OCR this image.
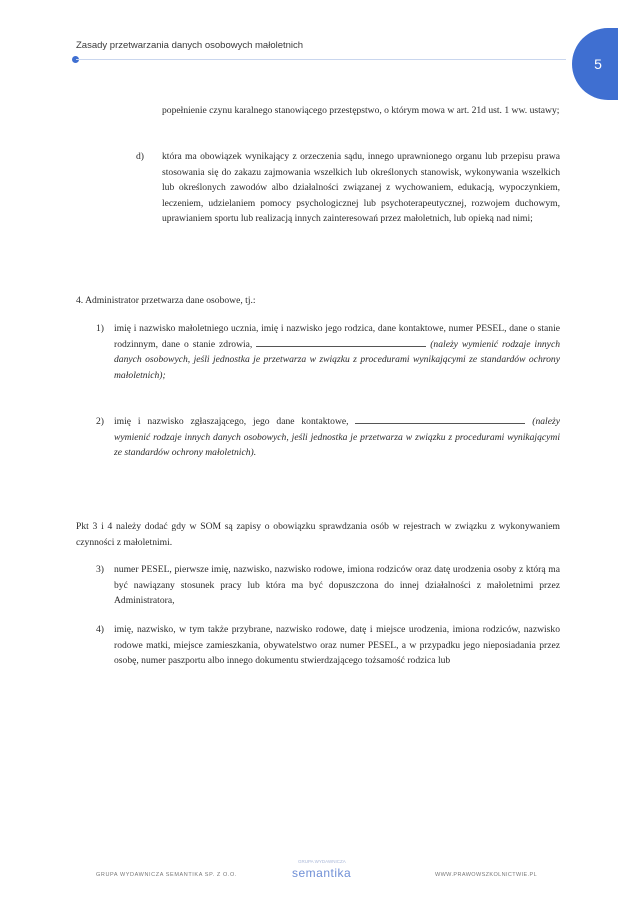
Zasady przetwarzania danych osobowych małoletnich
5
popełnienie czynu karalnego stanowiącego przestępstwo, o którym mowa w art. 21d ust. 1 ww. ustawy;
d) która ma obowiązek wynikający z orzeczenia sądu, innego uprawnionego organu lub przepisu prawa stosowania się do zakazu zajmowania wszelkich lub określonych stanowisk, wykonywania wszelkich lub określonych zawodów albo działalności związanej z wychowaniem, edukacją, wypoczynkiem, leczeniem, udzielaniem pomocy psychologicznej lub psychoterapeutycznej, rozwojem duchowym, uprawianiem sportu lub realizacją innych zainteresowań przez małoletnich, lub opieką nad nimi;
4. Administrator przetwarza dane osobowe, tj.:
1) imię i nazwisko małoletniego ucznia, imię i nazwisko jego rodzica, dane kontaktowe, numer PESEL, dane o stanie rodzinnym, dane o stanie zdrowia,	(należy wymienić rodzaje innych danych osobowych, jeśli jednostka je przetwarza w związku z procedurami wynikającymi ze standardów ochrony małoletnich);
2) imię i nazwisko zgłaszającego, jego dane kontaktowe,	(należy wymienić rodzaje innych danych osobowych, jeśli jednostka je przetwarza w związku z procedurami wynikającymi ze standardów ochrony małoletnich).
Pkt 3 i 4 należy dodać gdy w SOM są zapisy o obowiązku sprawdzania osób w rejestrach w związku z wykonywaniem czynności z małoletnimi.
3) numer PESEL, pierwsze imię, nazwisko, nazwisko rodowe, imiona rodziców oraz datę urodzenia osoby z którą ma być nawiązany stosunek pracy lub która ma być dopuszczona do innej działalności z małoletnimi przez Administratora,
4) imię, nazwisko, w tym także przybrane, nazwisko rodowe, datę i miejsce urodzenia, imiona rodziców, nazwisko rodowe matki, miejsce zamieszkania, obywatelstwo oraz numer PESEL, a w przypadku jego nieposiadania przez osobę, numer paszportu albo innego dokumentu stwierdzającego tożsamość rodzica lub
GRUPA WYDAWNICZA SEMANTIKA SP. Z O.O.
GRUPA WYDAWNICZA
semantika	WWW.PRAWOWSZKOLNICTWIE.PL
